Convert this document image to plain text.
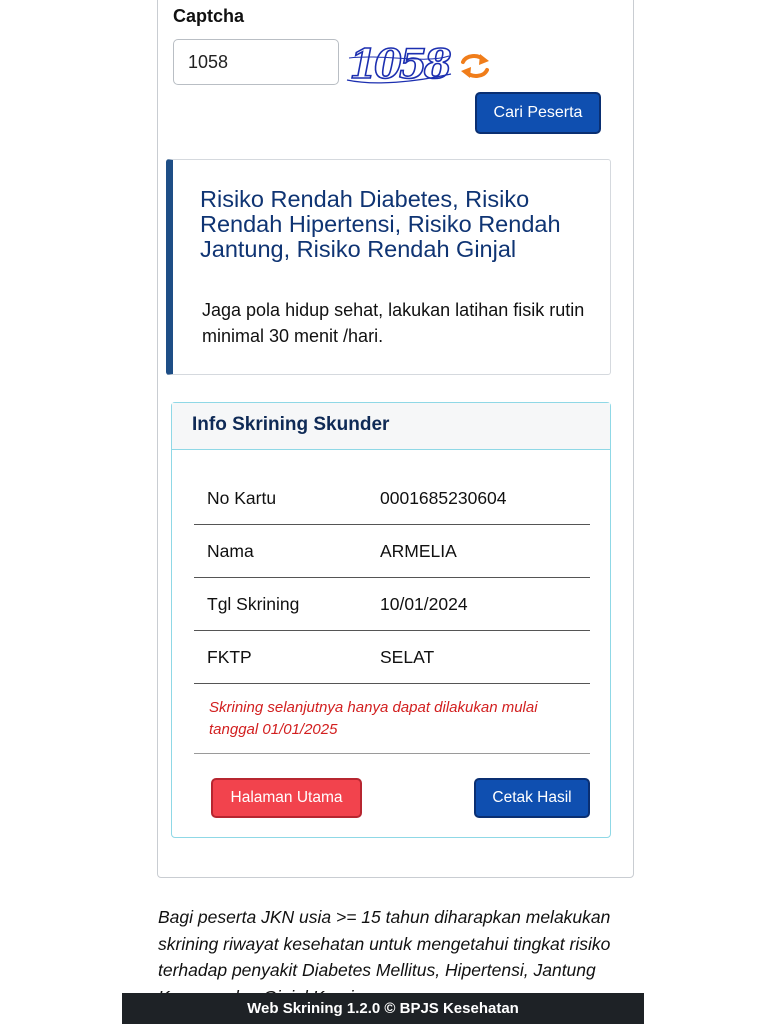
Captcha
1058
1058
Cari Peserta
Risiko Rendah Diabetes, Risiko Rendah Hipertensi, Risiko Rendah Jantung, Risiko Rendah Ginjal
Jaga pola hidup sehat, lakukan latihan fisik rutin minimal 30 menit /hari.
Info Skrining Skunder
No Kartu	0001685230604
Nama	ARMELIA
Tgl Skrining	10/01/2024
FKTP	SELAT
Skrining selanjutnya hanya dapat dilakukan mulai tanggal 01/01/2025
Halaman Utama	Cetak Hasil
Bagi peserta JKN usia >= 15 tahun diharapkan melakukan skrining riwayat kesehatan untuk mengetahui tingkat risiko terhadap penyakit Diabetes Mellitus, Hipertensi, Jantung
Web Skrining 1.2.0 © BPJS Kesehatan
